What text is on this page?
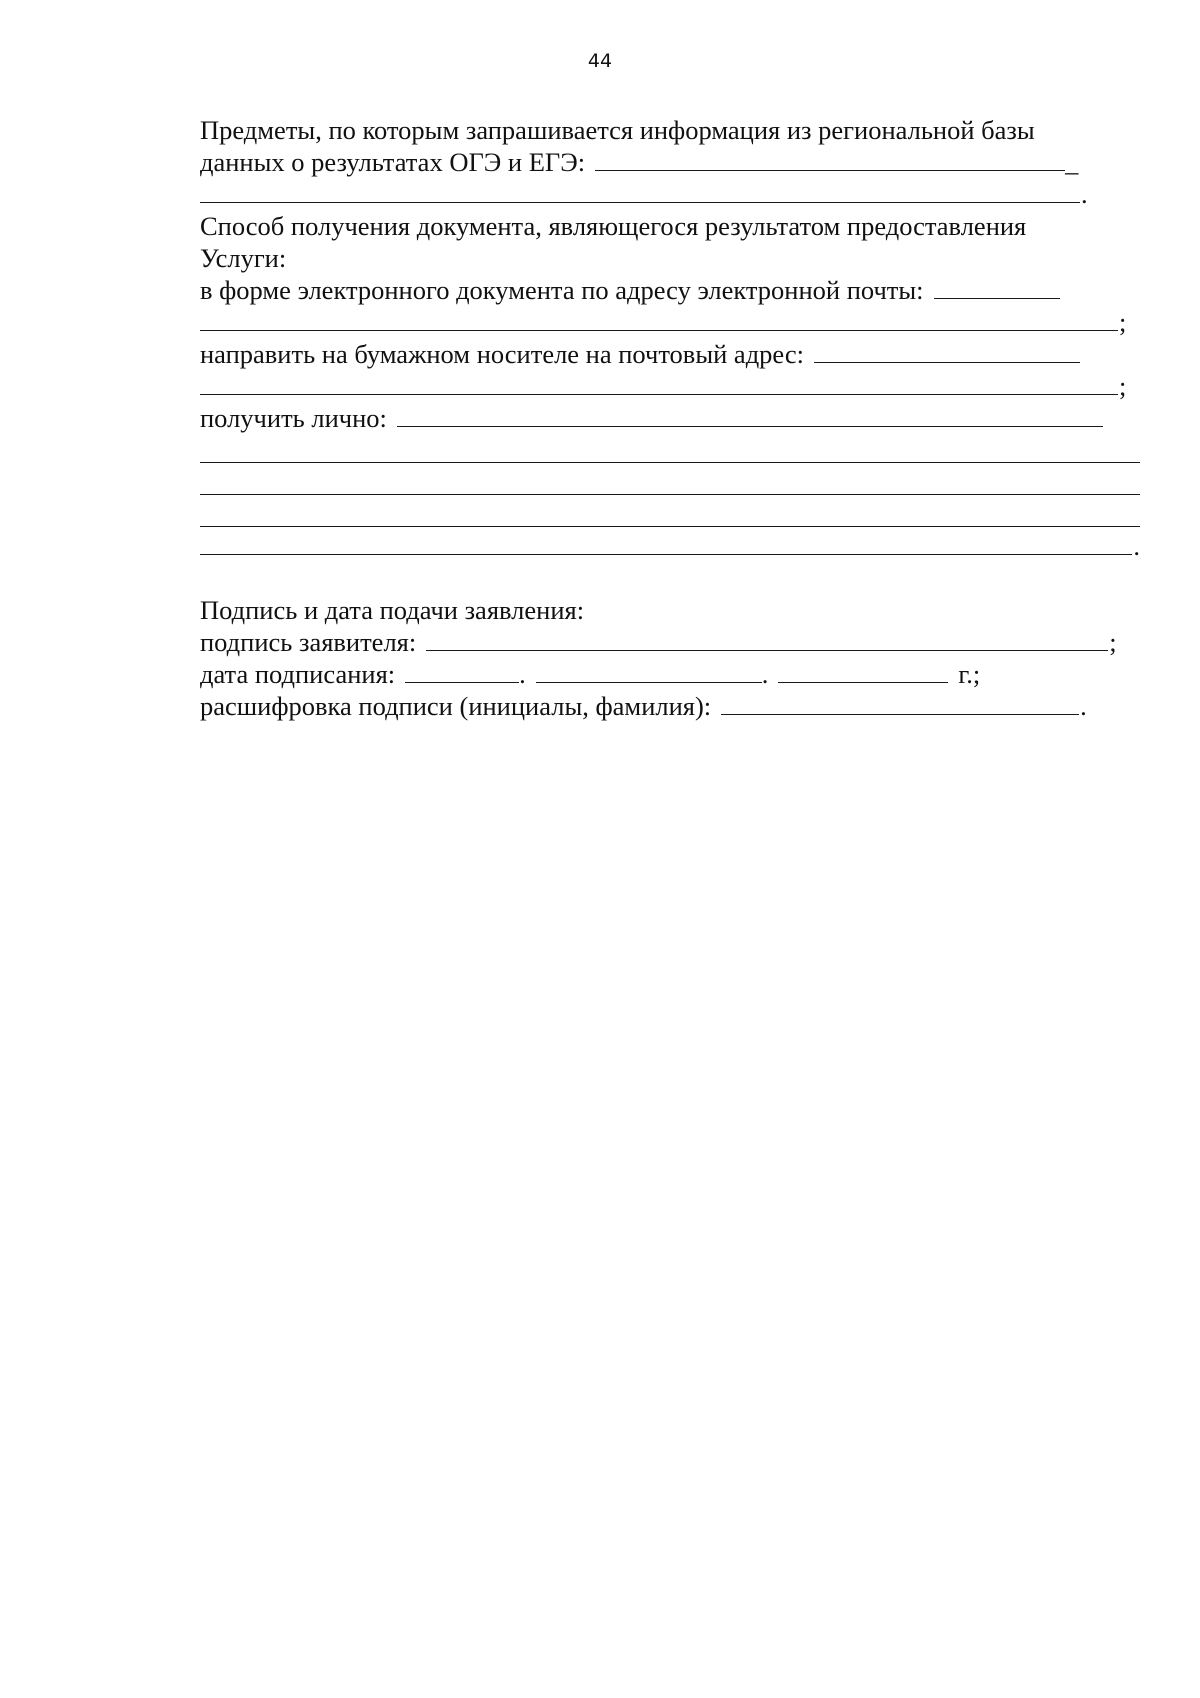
44
Предметы, по которым запрашивается информация из региональной базы
данных о результатах ОГЭ и ЕГЭ:	_
.
Способ получения документа, являющегося результатом предоставления
Услуги:
в форме электронного документа по адресу электронной почты:
;
направить на бумажном носителе на почтовый адрес:
;
получить лично:
.
Подпись и дата подачи заявления:
подпись заявителя:	;
дата подписания:	.	.	г.;
расшифровка подписи (инициалы, фамилия):	.
